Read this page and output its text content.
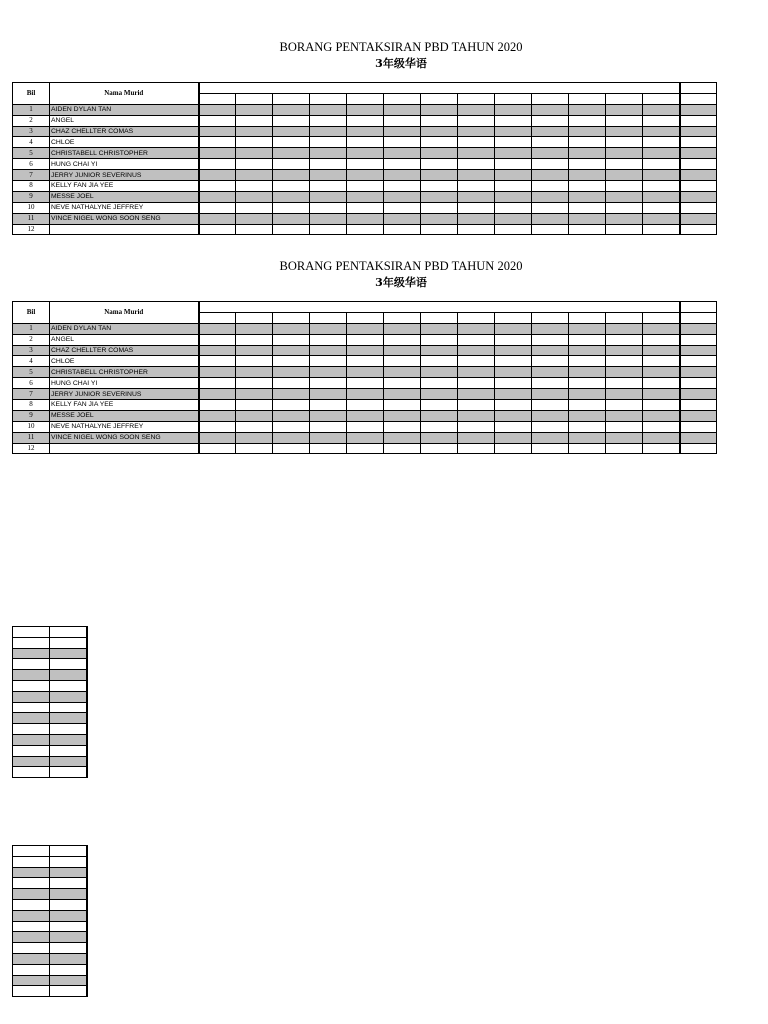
BORANG PENTAKSIRAN PBD TAHUN 2020
3年级华语
Bil	Nama Murid														

1	AIDEN DYLAN TAN														
2	ANGEL														
3	CHAZ CHELLTER COMAS														
4	CHLOE														
5	CHRISTABELL CHRISTOPHER														
6	HUNG CHAI YI														
7	JERRY JUNIOR SEVERINUS														
8	KELLY FAN JIA YEE														
9	MESSE JOEL														
10	NEVE NATHALYNE JEFFREY														
11	VINCE NIGEL WONG SOON SENG														
12															
BORANG PENTAKSIRAN PBD TAHUN 2020
3年级华语
Bil	Nama Murid														

1	AIDEN DYLAN TAN														
2	ANGEL														
3	CHAZ CHELLTER COMAS														
4	CHLOE														
5	CHRISTABELL CHRISTOPHER														
6	HUNG CHAI YI														
7	JERRY JUNIOR SEVERINUS														
8	KELLY FAN JIA YEE														
9	MESSE JOEL														
10	NEVE NATHALYNE JEFFREY														
11	VINCE NIGEL WONG SOON SENG														
12															
